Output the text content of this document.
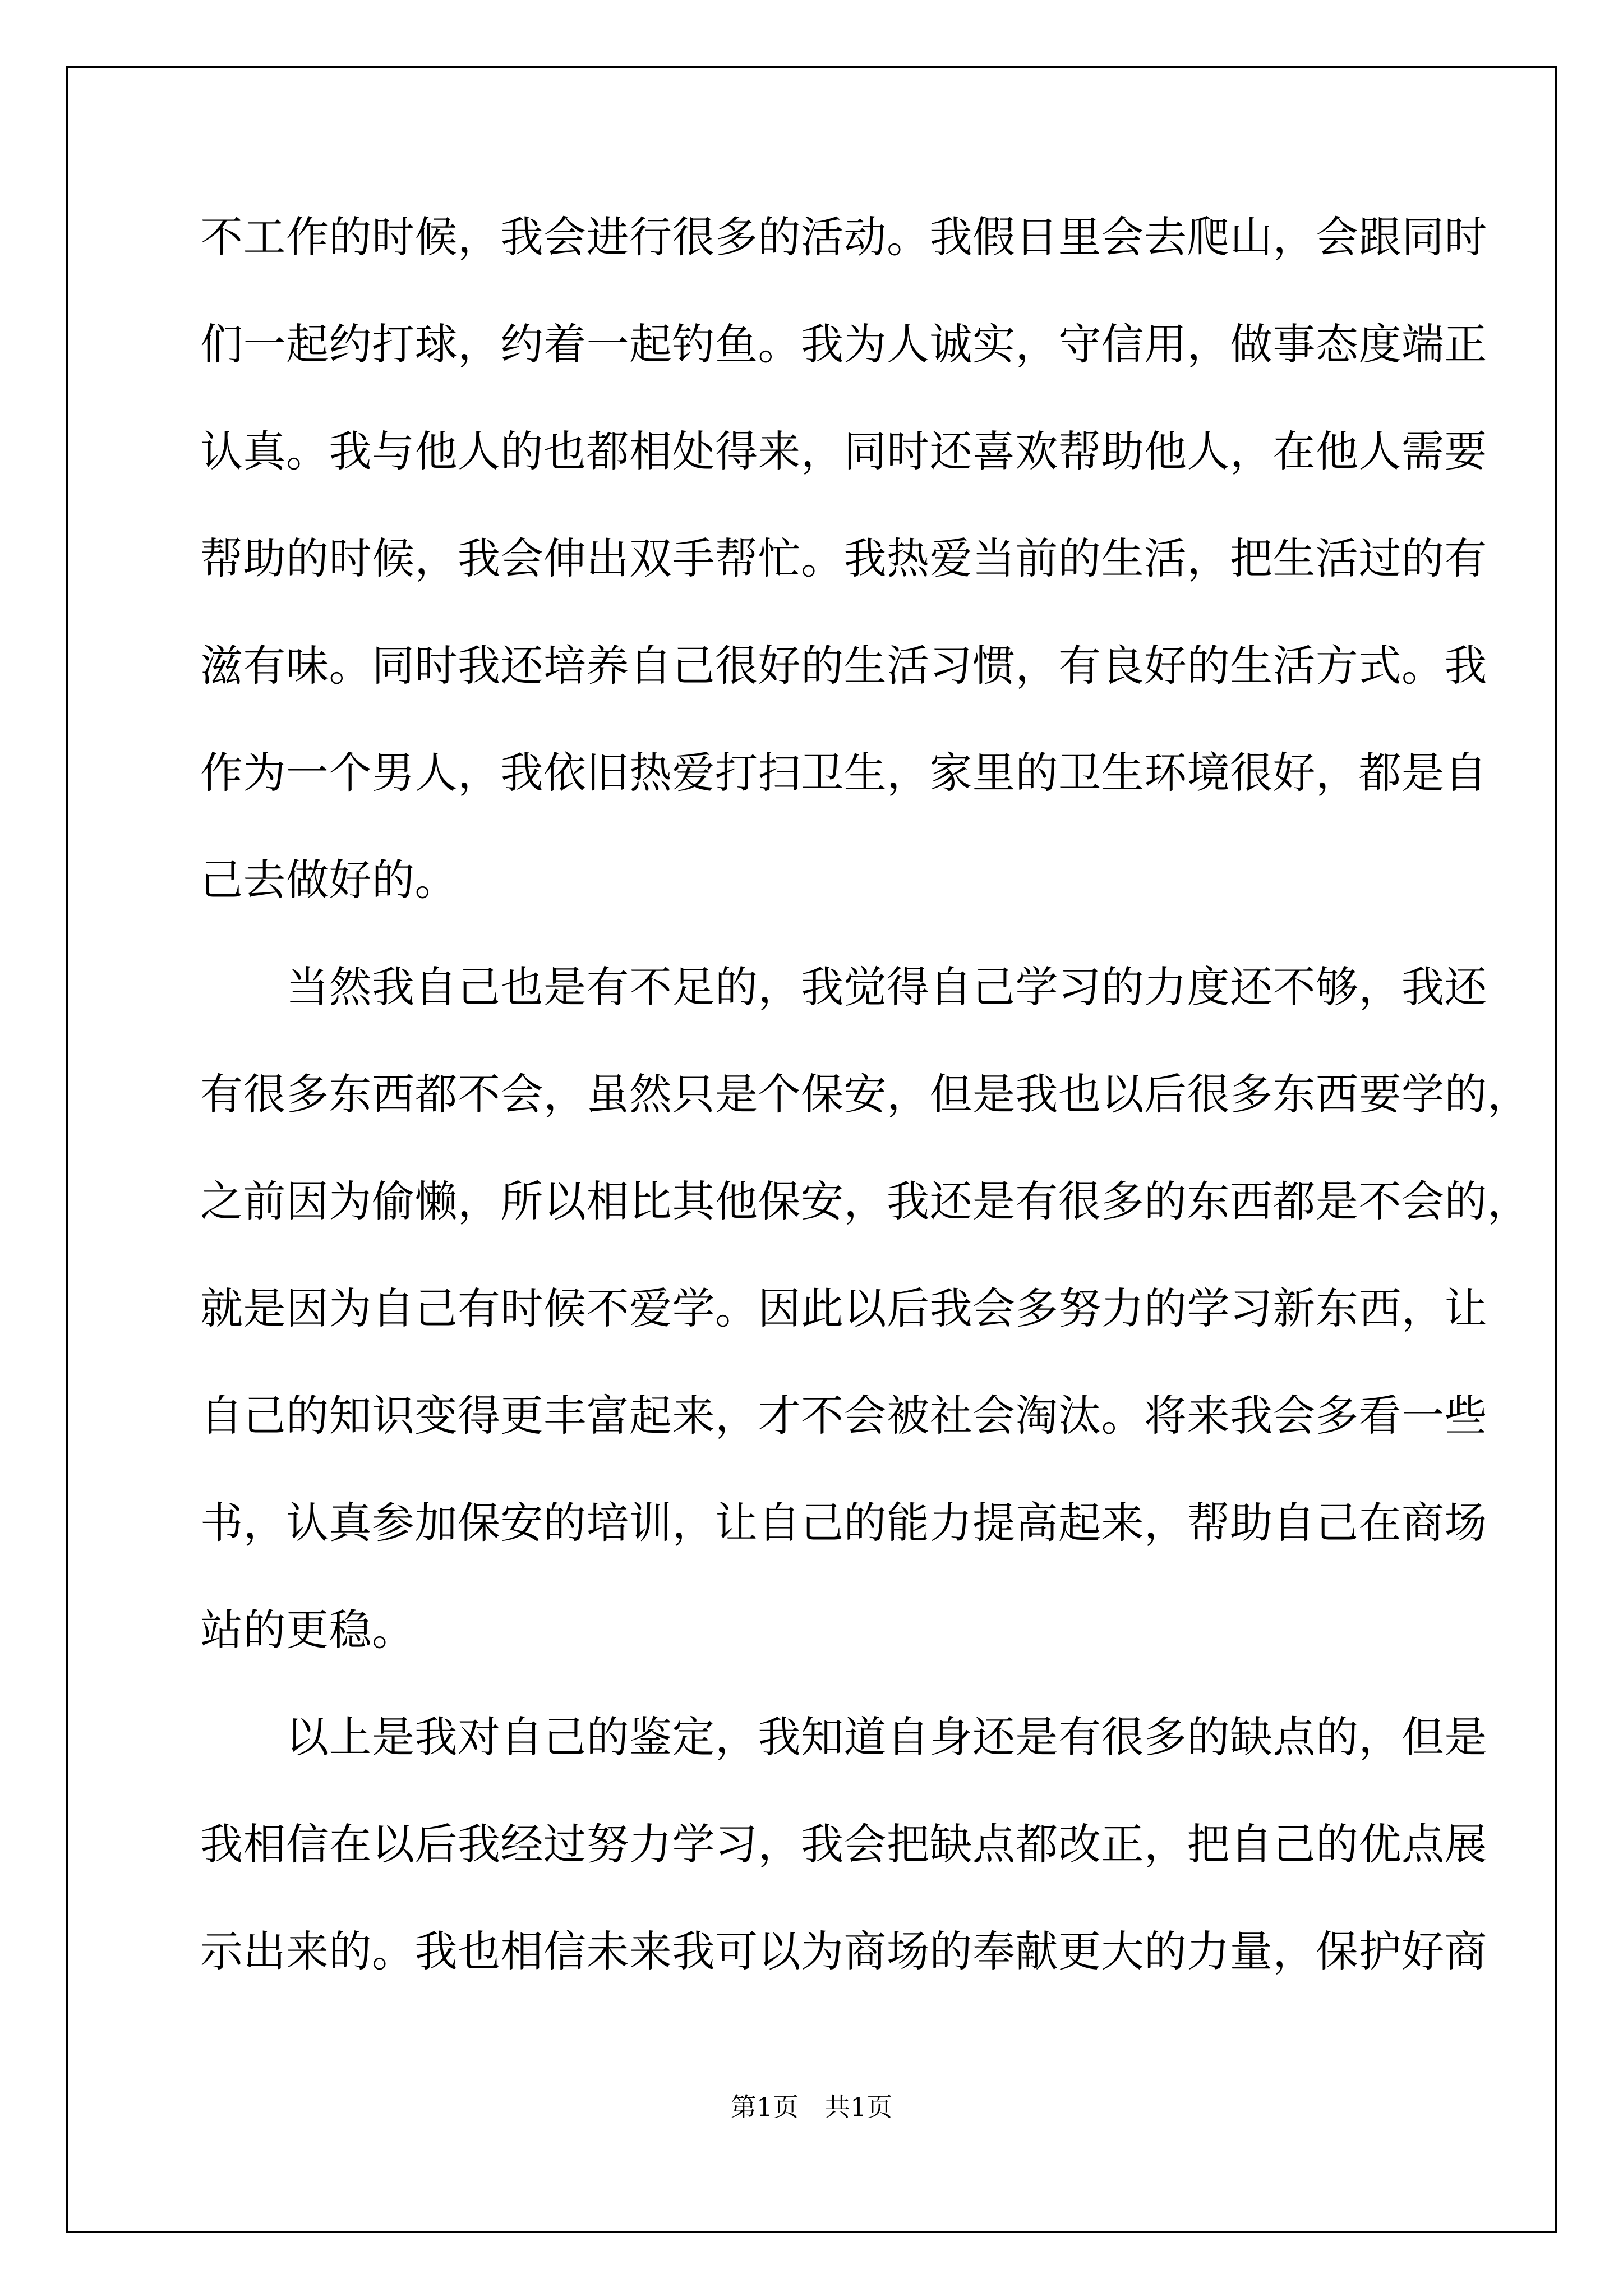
不工作的时候，我会进行很多的活动。我假日里会去爬山，会跟同时
们一起约打球，约着一起钓鱼。我为人诚实，守信用，做事态度端正
认真。我与他人的也都相处得来，同时还喜欢帮助他人，在他人需要
帮助的时候，我会伸出双手帮忙。我热爱当前的生活，把生活过的有
滋有味。同时我还培养自己很好的生活习惯，有良好的生活方式。我
作为一个男人，我依旧热爱打扫卫生，家里的卫生环境很好，都是自
己去做好的。
　　当然我自己也是有不足的，我觉得自己学习的力度还不够，我还
有很多东西都不会，虽然只是个保安，但是我也以后很多东西要学的，
之前因为偷懒，所以相比其他保安，我还是有很多的东西都是不会的，
就是因为自己有时候不爱学。因此以后我会多努力的学习新东西，让
自己的知识变得更丰富起来，才不会被社会淘汰。将来我会多看一些
书，认真参加保安的培训，让自己的能力提高起来，帮助自己在商场
站的更稳。
　　以上是我对自己的鉴定，我知道自身还是有很多的缺点的，但是
我相信在以后我经过努力学习，我会把缺点都改正，把自己的优点展
示出来的。我也相信未来我可以为商场的奉献更大的力量，保护好商
第1页　共1页
